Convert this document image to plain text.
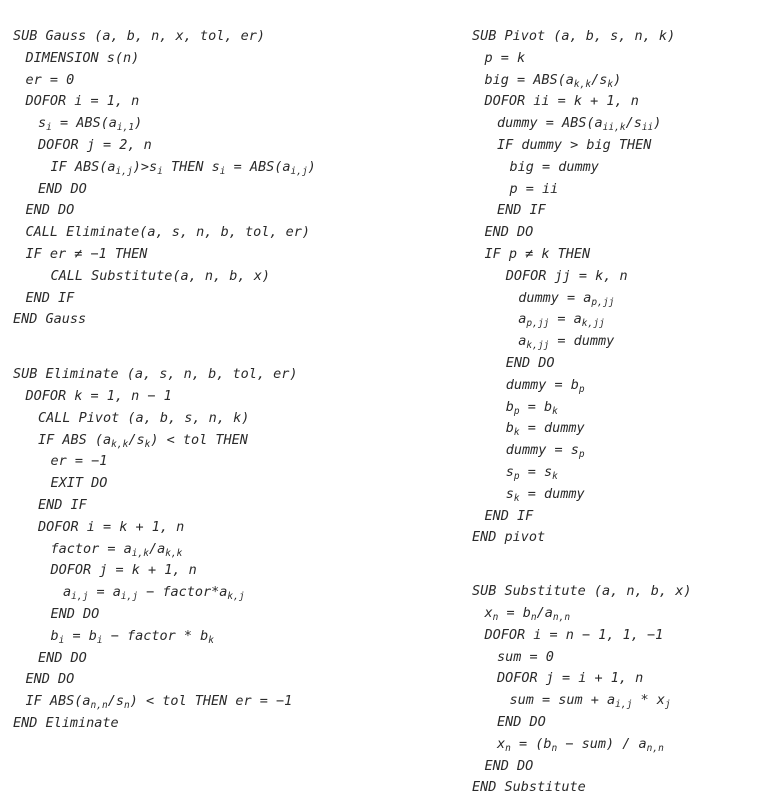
SUB Gauss (a, b, n, x, tol, er)
DIMENSION s(n)
er = 0
DOFOR i = 1, n
$s_i = ABS(a_{i,1})$
DOFOR j = 2, n
IF $ABS(a_{i,j})>s_i$ THEN $s_i = ABS(a_{i,j})$
END DO
END DO
CALL Eliminate(a, s, n, b, tol, er)
IF er ≠ −1 THEN
CALL Substitute(a, n, b, x)
END IF
END Gauss
SUB Eliminate (a, s, n, b, tol, er)
DOFOR k = 1, n − 1
CALL Pivot (a, b, s, n, k)
IF ABS $(a_{k,k}/s_k)$ < tol THEN
er = −1
EXIT DO
END IF
DOFOR i = k + 1, n
factor = $a_{i,k}/a_{k,k}$
DOFOR j = k + 1, n
$a_{i,j} = a_{i,j}$ − $factor*a_{k,j}$
END DO
$b_i = b_i$ − factor * $b_k$
END DO
END DO
IF $ABS(a_{n,n}/s_n)$ < tol THEN er = −1
END Eliminate
SUB Pivot (a, b, s, n, k)
p = k
big = $ABS(a_{k,k}/s_k)$
DOFOR ii = k + 1, n
dummy = $ABS(a_{ii,k}/s_{ii})$
IF dummy > big THEN
big = dummy
p = ii
END IF
END DO
IF p ≠ k THEN
DOFOR jj = k, n
dummy = $a_{p,jj}$
$a_{p,jj} = a_{k,jj}$
$a_{k,jj}$ = dummy
END DO
dummy = $b_p$
$b_p = b_k$
$b_k$ = dummy
dummy = $s_p$
$s_p = s_k$
$s_k$ = dummy
END IF
END pivot
SUB Substitute (a, n, b, x)
$x_n = b_n/a_{n,n}$
DOFOR i = n − 1, 1, −1
sum = 0
DOFOR j = i + 1, n
sum = sum + $a_{i,j} * x_j$
END DO
$x_n = (b_n - sum) / a_{n,n}$
END DO
END Substitute
